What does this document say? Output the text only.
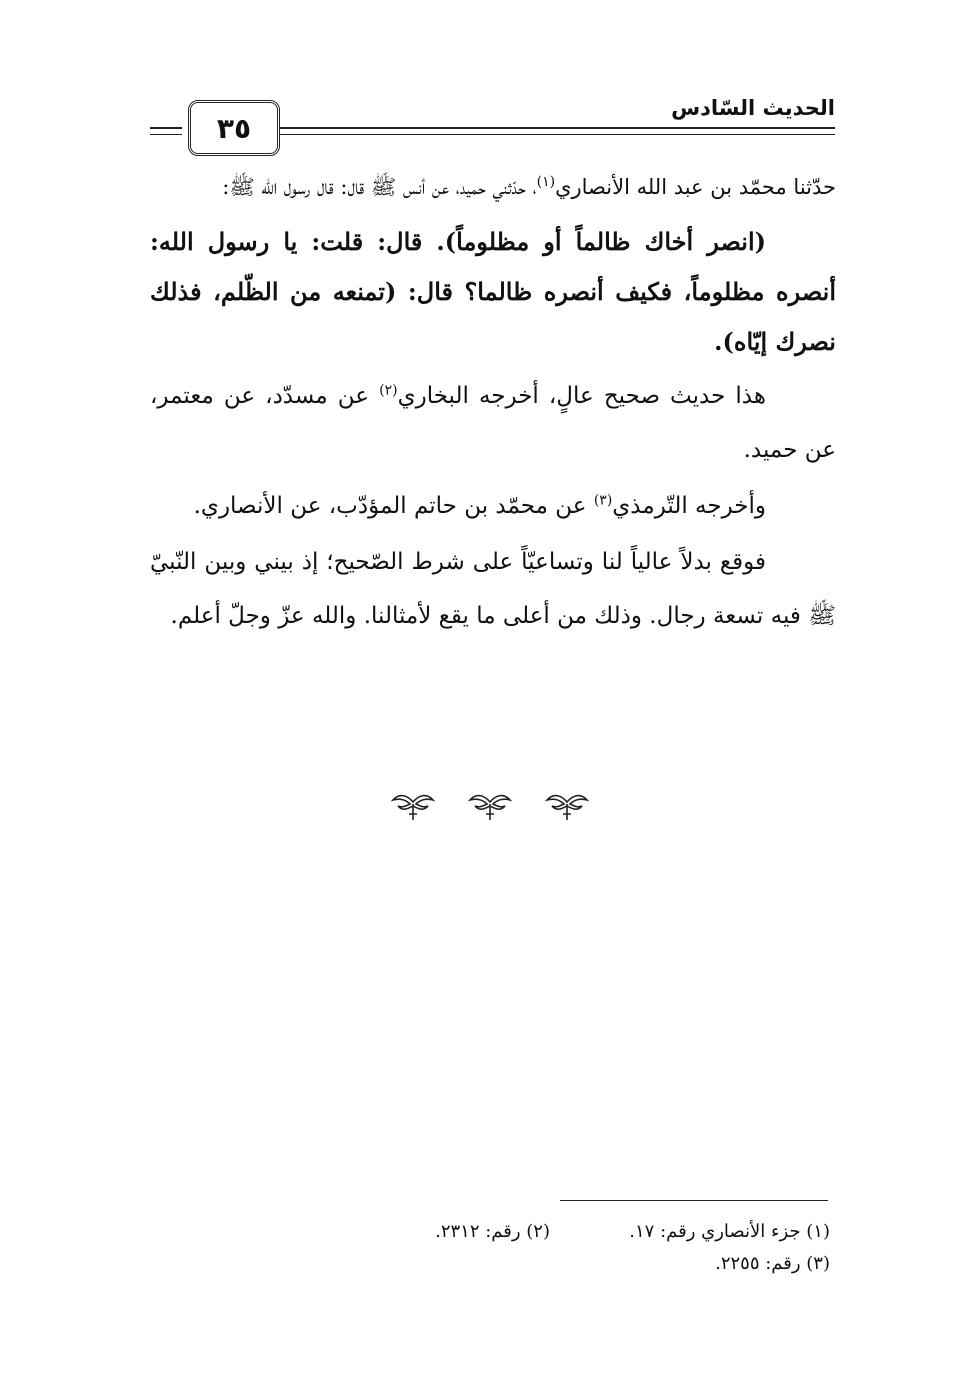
٣٥
الحديث السّادس

حدّثنا محمّد بن عبد الله الأنصاري$^{(١)}$، حدّثني حميد، عن أنس ﷺ قال: قال رسول الله ﷺ:

(انصر أخاك ظالماً أو مظلوماً). قال: قلت: يا رسول الله: أنصره مظلوماً، فكيف أنصره ظالما؟ قال: (تمنعه من الظّلم، فذلك نصرك إيّاه).

هذا حديث صحيح عالٍ، أخرجه البخاري$^{(٢)}$ عن مسدّد، عن معتمر، عن حميد.

وأخرجه التّرمذي$^{(٣)}$ عن محمّد بن حاتم المؤدّب، عن الأنصاري.

فوقع بدلاً عالياً لنا وتساعيّاً على شرط الصّحيح؛ إذ بيني وبين النّبيّ ﷺ فيه تسعة رجال. وذلك من أعلى ما يقع لأمثالنا. والله عزّ وجلّ أعلم.

(١) جزء الأنصاري رقم: ١٧.
(٢) رقم: ٢٣١٢.
(٣) رقم: ٢٢٥٥.
